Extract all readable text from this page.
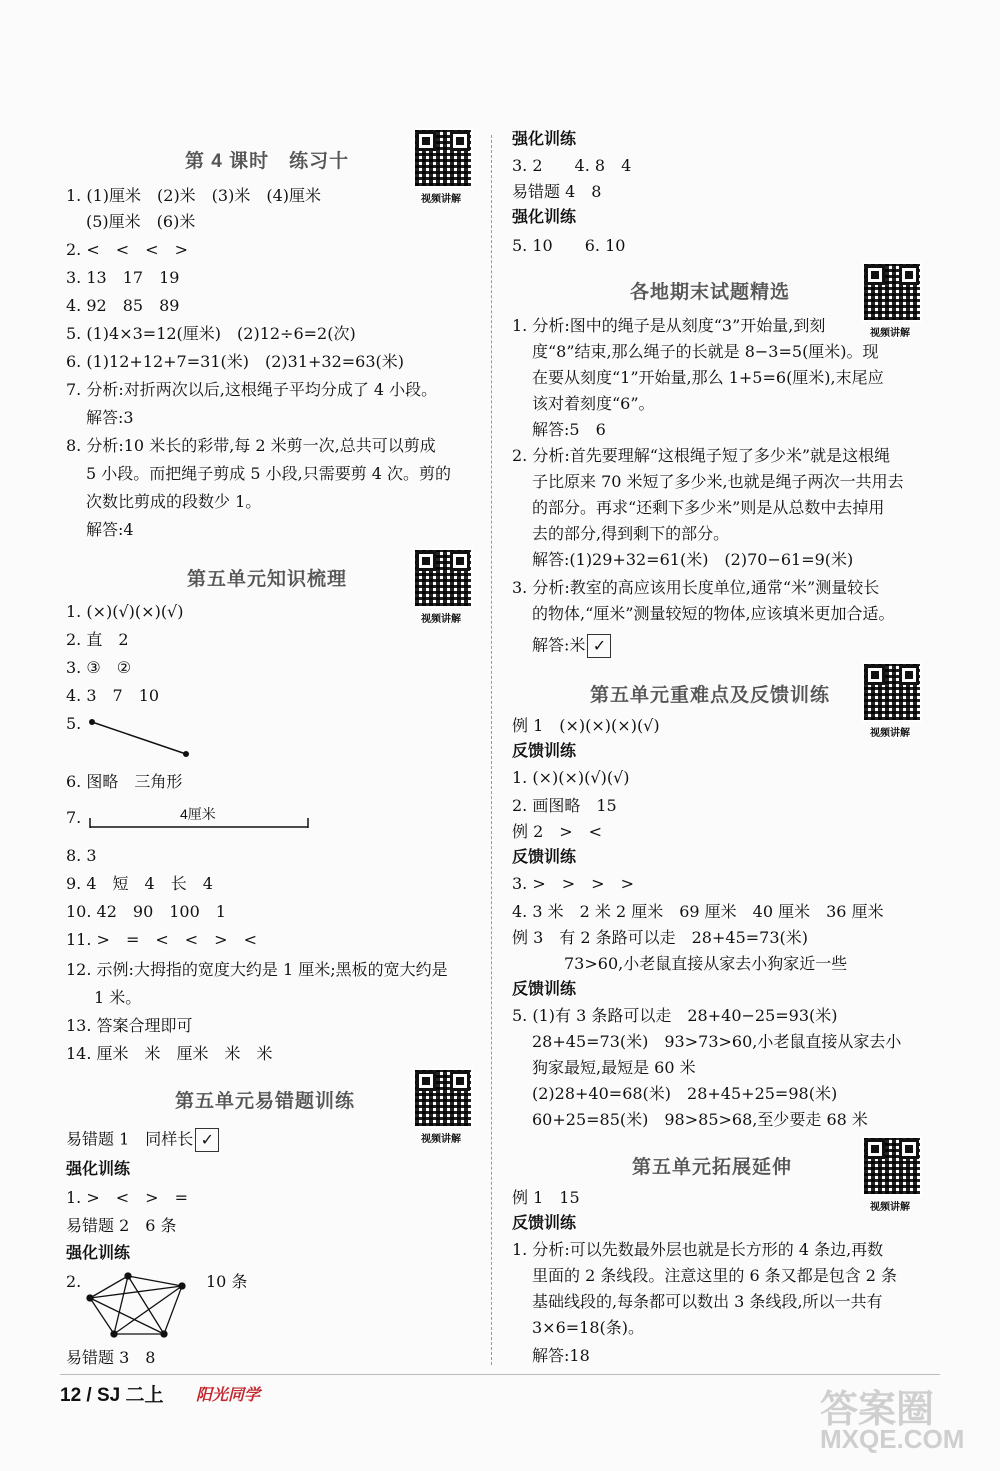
第 4 课时　练习十
视频讲解
1. (1)厘米　(2)米　(3)米　(4)厘米
(5)厘米　(6)米
2. <　<　<　>
3. 13　17　19
4. 92　85　89
5. (1)4×3=12(厘米)　(2)12÷6=2(次)
6. (1)12+12+7=31(米)　(2)31+32=63(米)
7. 分析:对折两次以后,这根绳子平均分成了 4 小段。
解答:3
8. 分析:10 米长的彩带,每 2 米剪一次,总共可以剪成
5 小段。而把绳子剪成 5 小段,只需要剪 4 次。剪的
次数比剪成的段数少 1。
解答:4
第五单元知识梳理
视频讲解
1. (×)(√)(×)(√)
2. 直　2
3. ③　②
4. 3　7　10
5.
6. 图略　三角形
7.	4厘米
8. 3
9. 4　短　4　长　4
10. 42　90　100　1
11. >　=　<　<　>　<
12. 示例:大拇指的宽度大约是 1 厘米;黑板的宽大约是
1 米。
13. 答案合理即可
14. 厘米　米　厘米　米　米
第五单元易错题训练
视频讲解
易错题 1　同样长 ✓
强化训练
1. >　<　>　=
易错题 2　6 条
强化训练
2.	10 条
易错题 3　8
强化训练
3. 2　　4. 8　4
易错题 4　8
强化训练
5. 10　　6. 10
各地期末试题精选
视频讲解
1. 分析:图中的绳子是从刻度“3”开始量,到刻
度“8”结束,那么绳子的长就是 8−3=5(厘米)。现
在要从刻度“1”开始量,那么 1+5=6(厘米),末尾应
该对着刻度“6”。
解答:5　6
2. 分析:首先要理解“这根绳子短了多少米”就是这根绳
子比原来 70 米短了多少米,也就是绳子两次一共用去
的部分。再求“还剩下多少米”则是从总数中去掉用
去的部分,得到剩下的部分。
解答:(1)29+32=61(米)　(2)70−61=9(米)
3. 分析:教室的高应该用长度单位,通常“米”测量较长
的物体,“厘米”测量较短的物体,应该填米更加合适。
解答:米 ✓
第五单元重难点及反馈训练
视频讲解
例 1　(×)(×)(×)(√)
反馈训练
1. (×)(×)(√)(√)
2. 画图略　15
例 2　>　<
反馈训练
3. >　>　>　>
4. 3 米　2 米 2 厘米　69 厘米　40 厘米　36 厘米
例 3　有 2 条路可以走　28+45=73(米)
73>60,小老鼠直接从家去小狗家近一些
反馈训练
5. (1)有 3 条路可以走　28+40−25=93(米)
28+45=73(米)　93>73>60,小老鼠直接从家去小
狗家最短,最短是 60 米
(2)28+40=68(米)　28+45+25=98(米)
60+25=85(米)　98>85>68,至少要走 68 米
第五单元拓展延伸
视频讲解
例 1　15
反馈训练
1. 分析:可以先数最外层也就是长方形的 4 条边,再数
里面的 2 条线段。注意这里的 6 条又都是包含 2 条
基础线段的,每条都可以数出 3 条线段,所以一共有
3×6=18(条)。
解答:18
12 / SJ 二上 阳光同学	答案圈
MXQE.COM
